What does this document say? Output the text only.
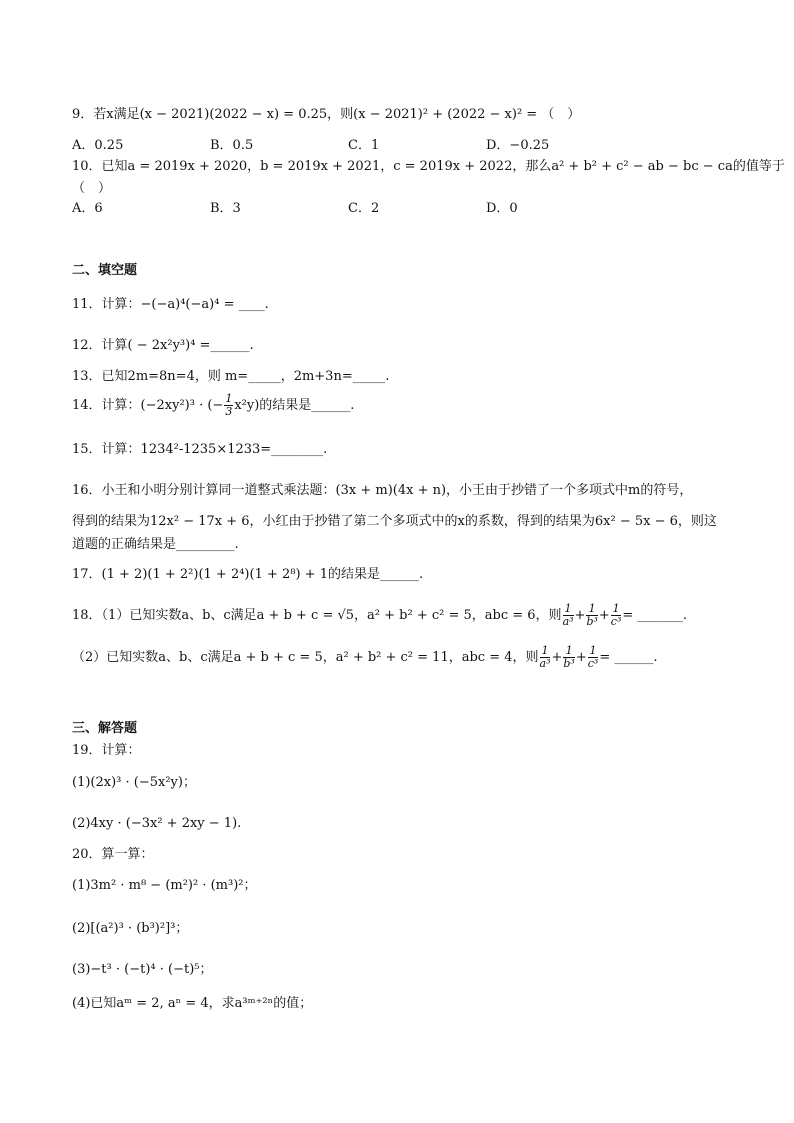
9．若x满足(x − 2021)(2022 − x) = 0.25，则(x − 2021)² + (2022 − x)² = （　）
A．0.25	B．0.5	C．1	D．−0.25
10．已知a = 2019x + 2020，b = 2019x + 2021，c = 2019x + 2022，那么a² + b² + c² − ab − bc − ca的值等于
（　）
A．6	B．3	C．2	D．0
二、填空题
11．计算：−(−a)⁴(−a)⁴ = ____.
12．计算( − 2x²y³)⁴ =______.
13．已知2m=8n=4，则 m=_____，2m+3n=_____.
14．计算：(−2xy²)³ · (− $\frac{1}{3} x^2y$)的结果是______.
15．计算：1234²-1235×1233=________.
16．小王和小明分别计算同一道整式乘法题：(3x + m)(4x + n)，小王由于抄错了一个多项式中m的符号，
得到的结果为12x² − 17x + 6，小红由于抄错了第二个多项式中的x的系数，得到的结果为6x² − 5x − 6，则这
道题的正确结果是_________.
17．(1 + 2)(1 + 2²)(1 + 2⁴)(1 + 2⁸) + 1的结果是______.
18．（1）已知实数a、b、c满足a + b + c = √5，a² + b² + c² = 5，abc = 6，则 $\frac{1}{\text{a³}} + \frac{1}{\text{b³}} + \frac{1}{\text{c³}}$ = _______.
（2）已知实数a、b、c满足a + b + c = 5，a² + b² + c² = 11，abc = 4，则 $\frac{1}{\text{a³}} + \frac{1}{\text{b³}} + \frac{1}{\text{c³}}$ = ______.
三、解答题
19．计算：
(1)(2x)³ · (−5x²y)；
(2)4xy · (−3x² + 2xy − 1).
20．算一算：
(1)3m² · m⁸ − (m²)² · (m³)²；
(2)[(a²)³ · (b³)²]³；
(3)−t³ · (−t)⁴ · (−t)⁵；
(4)已知aᵐ = 2, aⁿ = 4，求a³ᵐ⁺²ⁿ的值；
